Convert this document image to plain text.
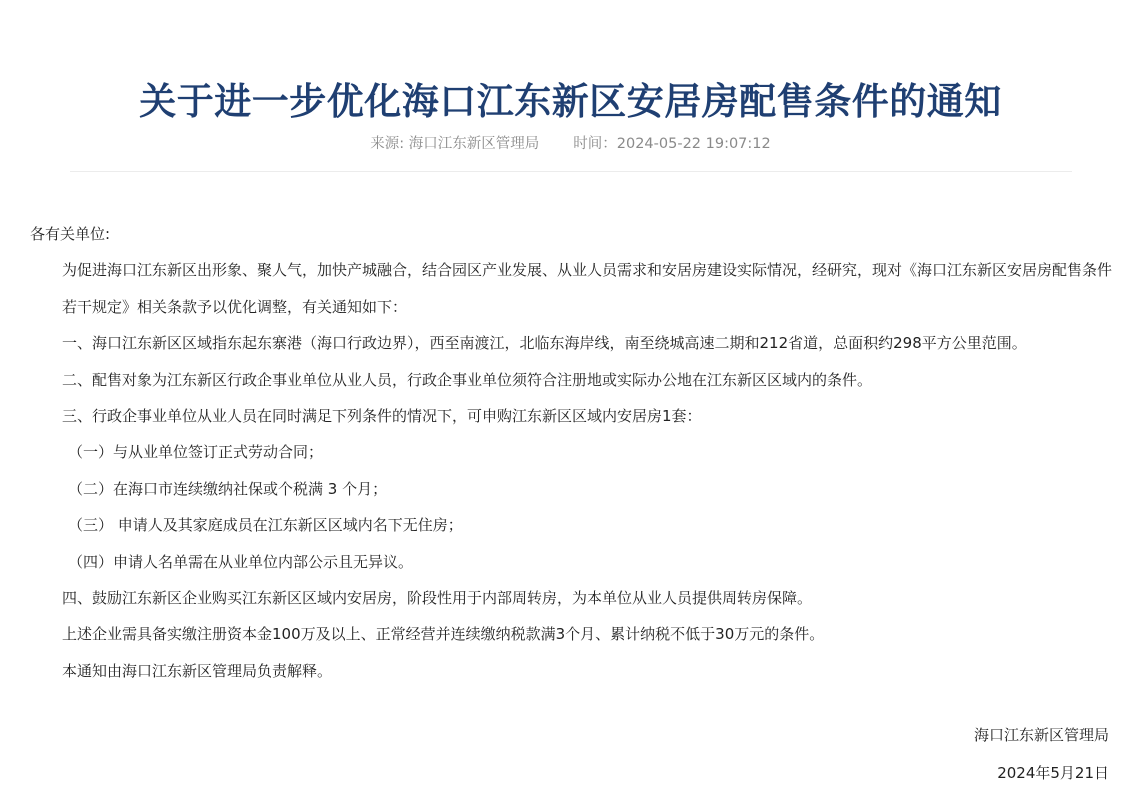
关于进一步优化海口江东新区安居房配售条件的通知
来源: 海口江东新区管理局 时间：2024-05-22 19:07:12

各有关单位:

为促进海口江东新区出形象、聚人气，加快产城融合，结合园区产业发展、从业人员需求和安居房建设实际情况，经研究，现对《海口江东新区安居房配售条件若干规定》相关条款予以优化调整，有关通知如下：

一、海口江东新区区域指东起东寨港（海口行政边界），西至南渡江，北临东海岸线，南至绕城高速二期和212省道，总面积约298平方公里范围。

二、配售对象为江东新区行政企事业单位从业人员，行政企事业单位须符合注册地或实际办公地在江东新区区域内的条件。

三、行政企事业单位从业人员在同时满足下列条件的情况下，可申购江东新区区域内安居房1套：

（一）与从业单位签订正式劳动合同；

（二）在海口市连续缴纳社保或个税满 3 个月；

（三） 申请人及其家庭成员在江东新区区域内名下无住房；

（四）申请人名单需在从业单位内部公示且无异议。

四、鼓励江东新区企业购买江东新区区域内安居房，阶段性用于内部周转房，为本单位从业人员提供周转房保障。

上述企业需具备实缴注册资本金100万及以上、正常经营并连续缴纳税款满3个月、累计纳税不低于30万元的条件。

本通知由海口江东新区管理局负责解释。

海口江东新区管理局
2024年5月21日
